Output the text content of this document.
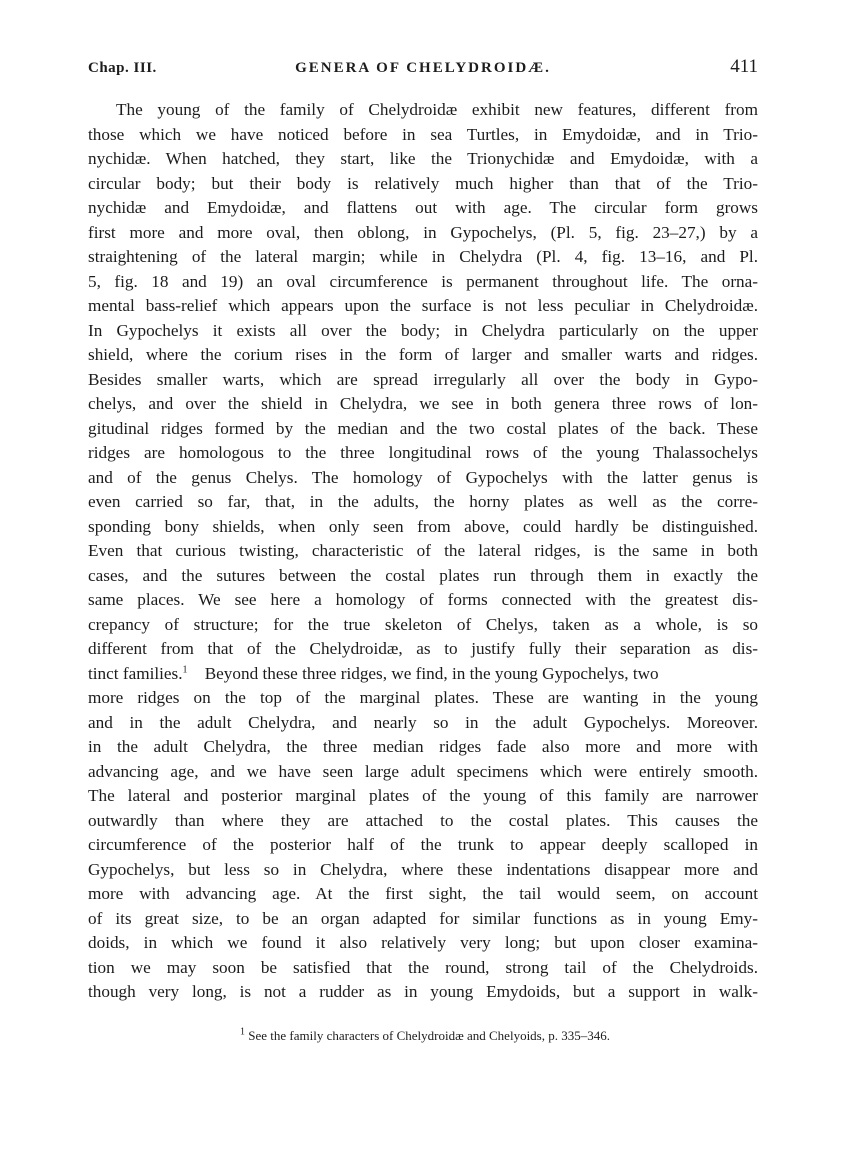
Chap. III.	GENERA OF CHELYDROIDÆ.	411
The young of the family of Chelydroidæ exhibit new features, different from
those which we have noticed before in sea Turtles, in Emydoidæ, and in Trio-
nychidæ. When hatched, they start, like the Trionychidæ and Emydoidæ, with a
circular body; but their body is relatively much higher than that of the Trio-
nychidæ and Emydoidæ, and flattens out with age. The circular form grows
first more and more oval, then oblong, in Gypochelys, (Pl. 5, fig. 23–27,) by a
straightening of the lateral margin; while in Chelydra (Pl. 4, fig. 13–16, and Pl.
5, fig. 18 and 19) an oval circumference is permanent throughout life. The orna-
mental bass-relief which appears upon the surface is not less peculiar in Chelydroidæ.
In Gypochelys it exists all over the body; in Chelydra particularly on the upper
shield, where the corium rises in the form of larger and smaller warts and ridges.
Besides smaller warts, which are spread irregularly all over the body in Gypo-
chelys, and over the shield in Chelydra, we see in both genera three rows of lon-
gitudinal ridges formed by the median and the two costal plates of the back. These
ridges are homologous to the three longitudinal rows of the young Thalassochelys
and of the genus Chelys. The homology of Gypochelys with the latter genus is
even carried so far, that, in the adults, the horny plates as well as the corre-
sponding bony shields, when only seen from above, could hardly be distinguished.
Even that curious twisting, characteristic of the lateral ridges, is the same in both
cases, and the sutures between the costal plates run through them in exactly the
same places. We see here a homology of forms connected with the greatest dis-
crepancy of structure; for the true skeleton of Chelys, taken as a whole, is so
different from that of the Chelydroidæ, as to justify fully their separation as dis-
tinct families.$^1$ Beyond these three ridges, we find, in the young Gypochelys, two
more ridges on the top of the marginal plates. These are wanting in the young
and in the adult Chelydra, and nearly so in the adult Gypochelys. Moreover.
in the adult Chelydra, the three median ridges fade also more and more with
advancing age, and we have seen large adult specimens which were entirely smooth.
The lateral and posterior marginal plates of the young of this family are narrower
outwardly than where they are attached to the costal plates. This causes the
circumference of the posterior half of the trunk to appear deeply scalloped in
Gypochelys, but less so in Chelydra, where these indentations disappear more and
more with advancing age. At the first sight, the tail would seem, on account
of its great size, to be an organ adapted for similar functions as in young Emy-
doids, in which we found it also relatively very long; but upon closer examina-
tion we may soon be satisfied that the round, strong tail of the Chelydroids.
though very long, is not a rudder as in young Emydoids, but a support in walk-
$^1$ See the family characters of Chelydroidæ and Chelyoids, p. 335–346.
